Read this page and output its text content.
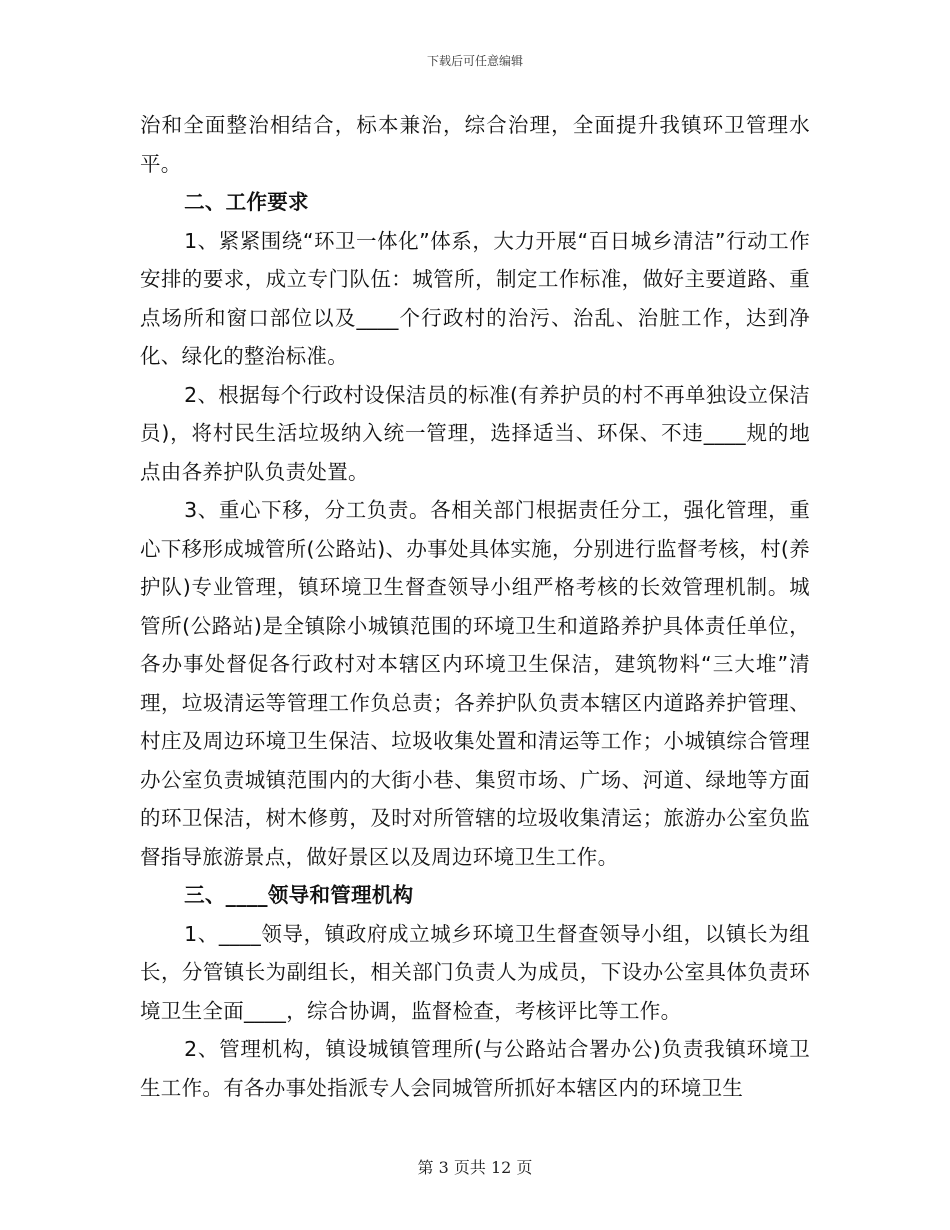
下载后可任意编辑

治和全面整治相结合，标本兼治，综合治理，全面提升我镇环卫管理水平。

二、工作要求

1、紧紧围绕“环卫一体化”体系，大力开展“百日城乡清洁”行动工作安排的要求，成立专门队伍：城管所，制定工作标准，做好主要道路、重点场所和窗口部位以及____个行政村的治污、治乱、治脏工作，达到净化、绿化的整治标准。

2、根据每个行政村设保洁员的标准(有养护员的村不再单独设立保洁员)，将村民生活垃圾纳入统一管理，选择适当、环保、不违____规的地点由各养护队负责处置。

3、重心下移，分工负责。各相关部门根据责任分工，强化管理，重心下移形成城管所(公路站)、办事处具体实施，分别进行监督考核，村(养护队)专业管理，镇环境卫生督查领导小组严格考核的长效管理机制。城管所(公路站)是全镇除小城镇范围的环境卫生和道路养护具体责任单位，各办事处督促各行政村对本辖区内环境卫生保洁，建筑物料“三大堆”清理，垃圾清运等管理工作负总责；各养护队负责本辖区内道路养护管理、村庄及周边环境卫生保洁、垃圾收集处置和清运等工作；小城镇综合管理办公室负责城镇范围内的大街小巷、集贸市场、广场、河道、绿地等方面的环卫保洁，树木修剪，及时对所管辖的垃圾收集清运；旅游办公室负监督指导旅游景点，做好景区以及周边环境卫生工作。

三、____领导和管理机构

1、____领导，镇政府成立城乡环境卫生督查领导小组，以镇长为组长，分管镇长为副组长，相关部门负责人为成员，下设办公室具体负责环境卫生全面____，综合协调，监督检查，考核评比等工作。

2、管理机构，镇设城镇管理所(与公路站合署办公)负责我镇环境卫生工作。有各办事处指派专人会同城管所抓好本辖区内的环境卫生

第 3 页共 12 页
